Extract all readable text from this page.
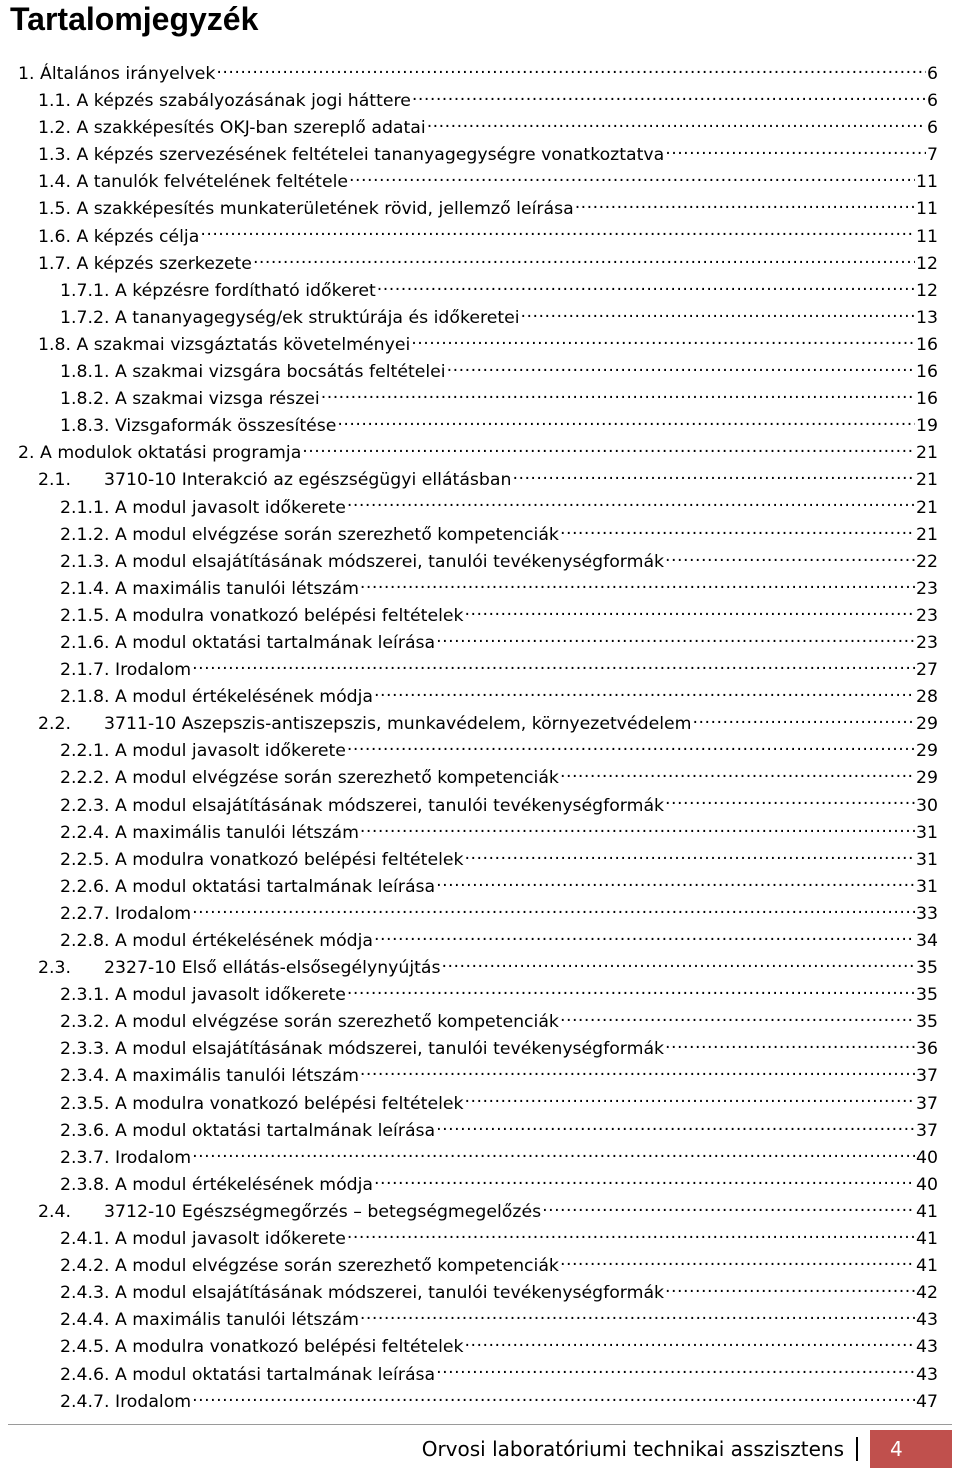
Tartalomjegyzék
1. Általános irányelvek .....	6
1.1. A képzés szabályozásának jogi háttere .....	6
1.2. A szakképesítés OKJ-ban szereplő adatai .....	6
1.3. A képzés szervezésének feltételei tananyagegységre vonatkoztatva .....	7
1.4. A tanulók felvételének feltétele .....	11
1.5. A szakképesítés munkaterületének rövid, jellemző leírása .....	11
1.6. A képzés célja .....	11
1.7. A képzés szerkezete .....	12
1.7.1. A képzésre fordítható időkeret .....	12
1.7.2. A tananyagegység/ek struktúrája és időkeretei .....	13
1.8. A szakmai vizsgáztatás követelményei .....	16
1.8.1. A szakmai vizsgára bocsátás feltételei .....	16
1.8.2. A szakmai vizsga részei .....	16
1.8.3. Vizsgaformák összesítése .....	19
2. A modulok oktatási programja .....	21
2.1.	3710-10 Interakció az egészségügyi ellátásban .....	21
2.1.1. A modul javasolt időkerete .....	21
2.1.2. A modul elvégzése során szerezhető kompetenciák .....	21
2.1.3. A modul elsajátításának módszerei, tanulói tevékenységformák .....	22
2.1.4. A maximális tanulói létszám .....	23
2.1.5. A modulra vonatkozó belépési feltételek .....	23
2.1.6. A modul oktatási tartalmának leírása .....	23
2.1.7. Irodalom .....	27
2.1.8. A modul értékelésének módja .....	28
2.2.	3711-10 Aszepszis-antiszepszis, munkavédelem, környezetvédelem .....	29
2.2.1. A modul javasolt időkerete .....	29
2.2.2. A modul elvégzése során szerezhető kompetenciák .....	29
2.2.3. A modul elsajátításának módszerei, tanulói tevékenységformák .....	30
2.2.4. A maximális tanulói létszám .....	31
2.2.5. A modulra vonatkozó belépési feltételek .....	31
2.2.6. A modul oktatási tartalmának leírása .....	31
2.2.7. Irodalom .....	33
2.2.8. A modul értékelésének módja .....	34
2.3.	2327-10 Első ellátás-elsősegélynyújtás .....	35
2.3.1. A modul javasolt időkerete .....	35
2.3.2. A modul elvégzése során szerezhető kompetenciák .....	35
2.3.3. A modul elsajátításának módszerei, tanulói tevékenységformák .....	36
2.3.4. A maximális tanulói létszám .....	37
2.3.5. A modulra vonatkozó belépési feltételek .....	37
2.3.6. A modul oktatási tartalmának leírása .....	37
2.3.7. Irodalom .....	40
2.3.8. A modul értékelésének módja .....	40
2.4.	3712-10 Egészségmegőrzés – betegségmegelőzés .....	41
2.4.1. A modul javasolt időkerete .....	41
2.4.2. A modul elvégzése során szerezhető kompetenciák .....	41
2.4.3. A modul elsajátításának módszerei, tanulói tevékenységformák .....	42
2.4.4. A maximális tanulói létszám .....	43
2.4.5. A modulra vonatkozó belépési feltételek .....	43
2.4.6. A modul oktatási tartalmának leírása .....	43
2.4.7. Irodalom .....	47
Orvosi laboratóriumi technikai asszisztens	4
